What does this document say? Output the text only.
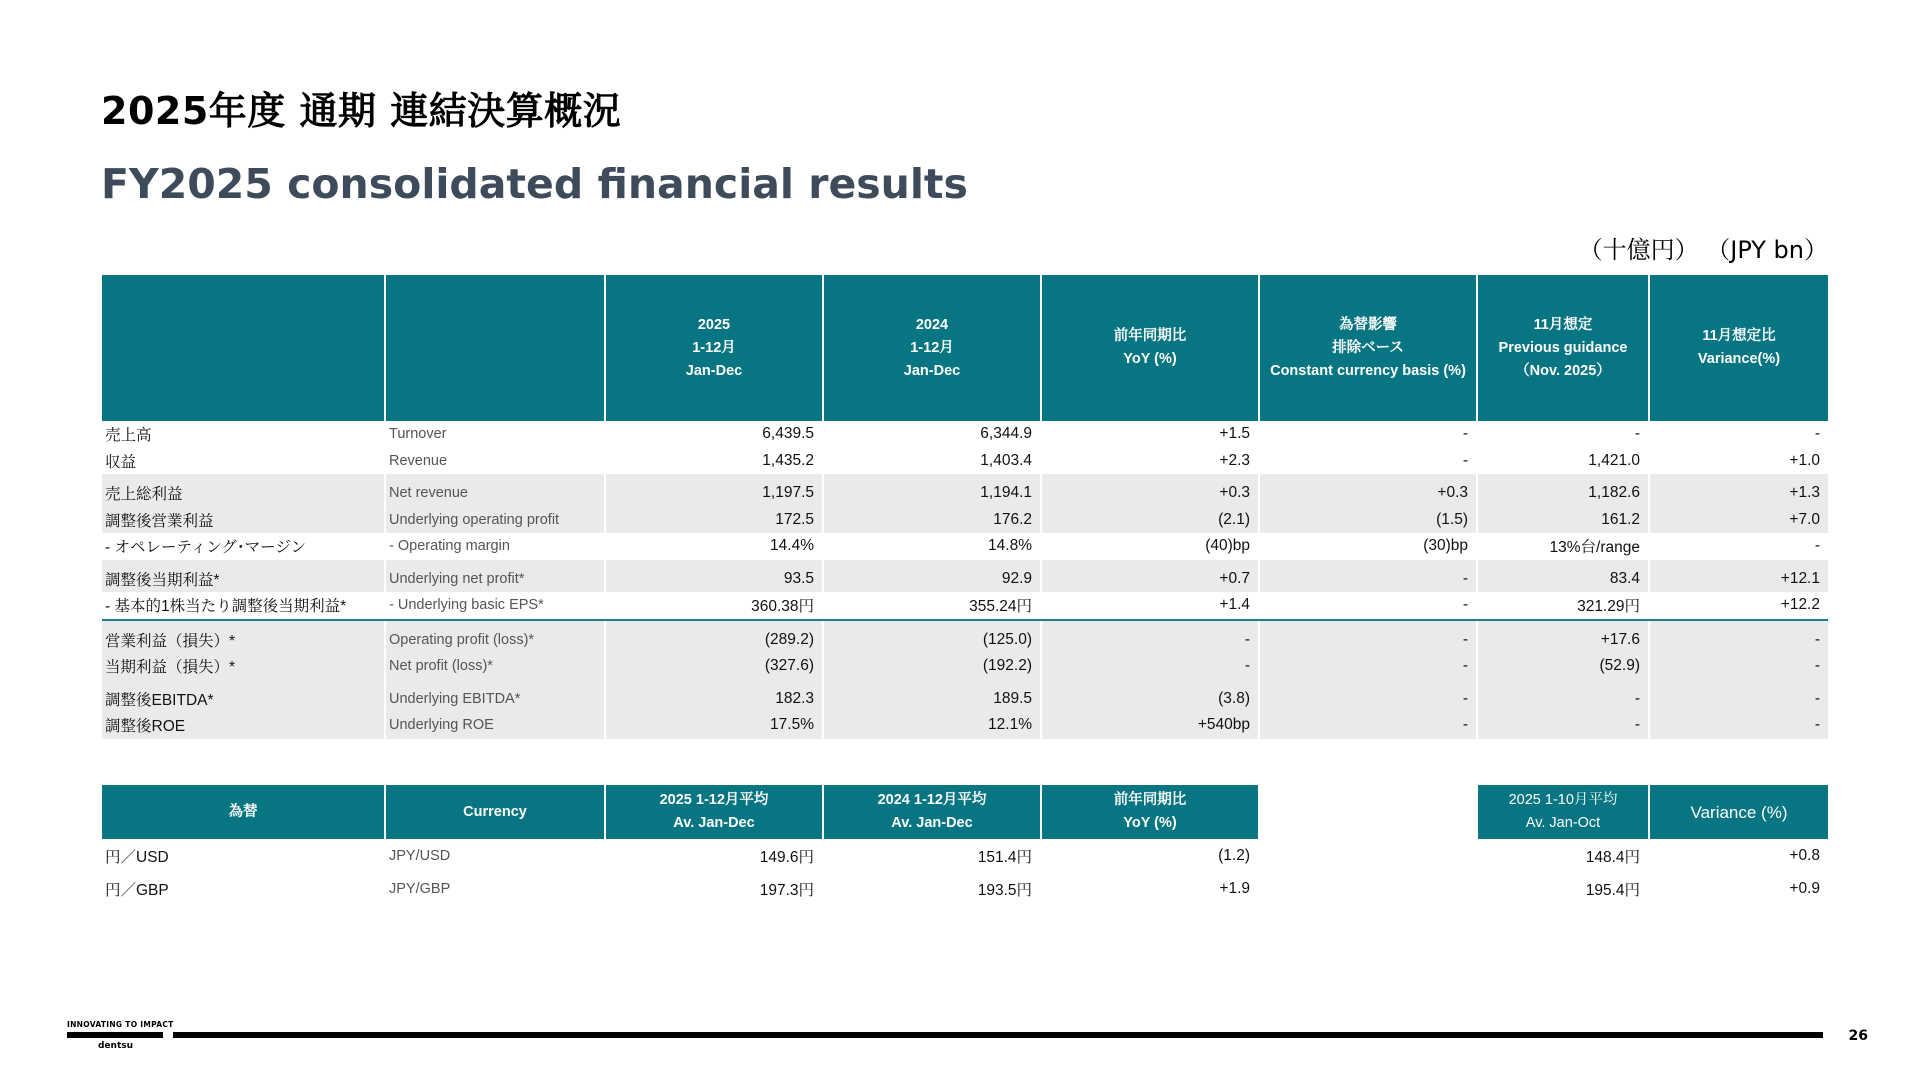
2025年度 通期 連結決算概況
FY2025 consolidated financial results
（十億円） （JPY bn）
		2025
1-12月
Jan-Dec	2024
1-12月
Jan-Dec	前年同期比
YoY (%)	為替影響
排除ベース
Constant currency basis (%)	11月想定
Previous guidance
（Nov. 2025）	11月想定比
Variance(%)
売上高	Turnover	6,439.5	6,344.9	+1.5	-	-	-
収益	Revenue	1,435.2	1,403.4	+2.3	-	1,421.0	+1.0

売上総利益	Net revenue	1,197.5	1,194.1	+0.3	+0.3	1,182.6	+1.3
調整後営業利益	Underlying operating profit	172.5	176.2	(2.1)	(1.5)	161.2	+7.0
- オペレーティング･マージン	- Operating margin	14.4%	14.8%	(40)bp	(30)bp	13%台/range	-

調整後当期利益*	Underlying net profit*	93.5	92.9	+0.7	-	83.4	+12.1
- 基本的1株当たり調整後当期利益*	- Underlying basic EPS*	360.38円	355.24円	+1.4	-	321.29円	+12.2

営業利益（損失）*	Operating profit (loss)*	(289.2)	(125.0)	-	-	+17.6	-
当期利益（損失）*	Net profit (loss)*	(327.6)	(192.2)	-	-	(52.9)	-

調整後EBITDA*	Underlying EBITDA*	182.3	189.5	(3.8)	-	-	-
調整後ROE	Underlying ROE	17.5%	12.1%	+540bp	-	-	-
為替	Currency	2025 1-12月平均
Av. Jan-Dec	2024 1-12月平均
Av. Jan-Dec	前年同期比
YoY (%)		2025 1-10月平均
Av. Jan-Oct	Variance (%)
円／USD	JPY/USD	149.6円	151.4円	(1.2)		148.4円	+0.8
円／GBP	JPY/GBP	197.3円	193.5円	+1.9		195.4円	+0.9
INNOVATING TO IMPACT
dentsu
26
